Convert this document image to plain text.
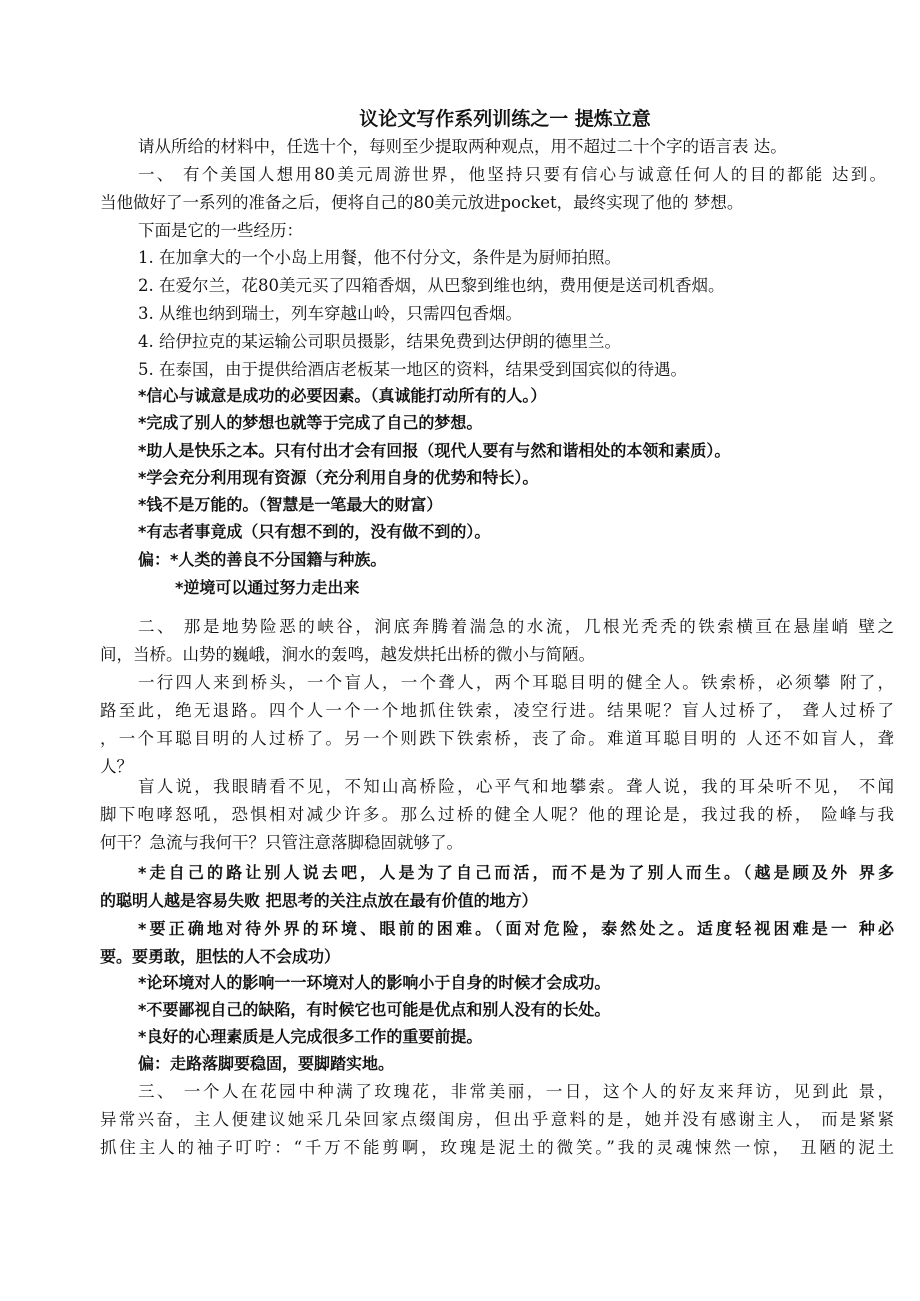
议论文写作系列训练之一 提炼立意
请从所给的材料中，任选十个，每则至少提取两种观点，用不超过二十个字的语言表 达。
一、 有个美国人想用80美元周游世界，他坚持只要有信心与诚意任何人的目的都能 达到。
当他做好了一系列的准备之后，便将自己的80美元放进pocket，最终实现了他的 梦想。
下面是它的一些经历：
1. 在加拿大的一个小岛上用餐，他不付分文，条件是为厨师拍照。
2. 在爱尔兰，花80美元买了四箱香烟，从巴黎到维也纳，费用便是送司机香烟。
3. 从维也纳到瑞士，列车穿越山岭，只需四包香烟。
4. 给伊拉克的某运输公司职员摄影，结果免费到达伊朗的德里兰。
5. 在泰国，由于提供给酒店老板某一地区的资料，结果受到国宾似的待遇。
*信心与诚意是成功的必要因素。（真诚能打动所有的人。）
*完成了别人的梦想也就等于完成了自己的梦想。
*助人是快乐之本。只有付出才会有回报（现代人要有与然和谐相处的本领和素质）。
*学会充分利用现有资源（充分利用自身的优势和特长）。
*钱不是万能的。（智慧是一笔最大的财富）
*有志者事竟成（只有想不到的，没有做不到的）。
偏：*人类的善良不分国籍与种族。
*逆境可以通过努力走出来
二、 那是地势险恶的峡谷，涧底奔腾着湍急的水流，几根光秃秃的铁索横亘在悬崖峭 壁之
间，当桥。山势的巍峨，涧水的轰鸣，越发烘托出桥的微小与简陋。
一行四人来到桥头，一个盲人，一个聋人，两个耳聪目明的健全人。铁索桥，必须攀 附了，
路至此，绝无退路。四个人一个一个地抓住铁索，凌空行进。结果呢？盲人过桥了， 聋人过桥了
，一个耳聪目明的人过桥了。另一个则跌下铁索桥，丧了命。难道耳聪目明的 人还不如盲人，聋
人？
盲人说，我眼睛看不见，不知山高桥险，心平气和地攀索。聋人说，我的耳朵听不见， 不闻
脚下咆哮怒吼，恐惧相对减少许多。那么过桥的健全人呢？他的理论是，我过我的桥， 险峰与我
何干？急流与我何干？只管注意落脚稳固就够了。
*走自己的路让别人说去吧，人是为了自己而活，而不是为了别人而生。（越是顾及外 界多
的聪明人越是容易失败 把思考的关注点放在最有价值的地方）
*要正确地对待外界的环境、眼前的困难。（面对危险，泰然处之。适度轻视困难是一 种必
要。要勇敢，胆怯的人不会成功）
*论环境对人的影响一一环境对人的影响小于自身的时候才会成功。
*不要鄙视自己的缺陷，有时候它也可能是优点和别人没有的长处。
*良好的心理素质是人完成很多工作的重要前提。
偏：走路落脚要稳固，要脚踏实地。
三、 一个人在花园中种满了玫瑰花，非常美丽，一日，这个人的好友来拜访，见到此 景，
异常兴奋，主人便建议她采几朵回家点缀闺房，但出乎意料的是，她并没有感谢主人， 而是紧紧
抓住主人的袖子叮咛：“千万不能剪啊，玫瑰是泥土的微笑。”我的灵魂悚然一惊， 丑陋的泥土
